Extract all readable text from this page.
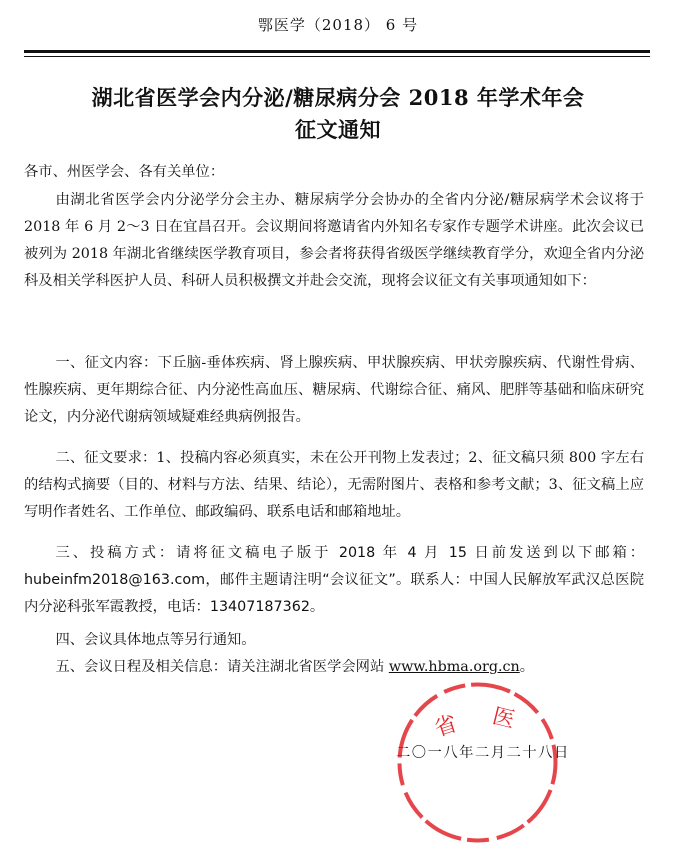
鄂医学（2018） 6 号
湖北省医学会内分泌/糖尿病分会 2018 年学术年会
征文通知
各市、州医学会、各有关单位：
由湖北省医学会内分泌学分会主办、糖尿病学分会协办的全省内分泌/糖尿病学术会议将于 2018 年 6 月 2～3 日在宜昌召开。会议期间将邀请省内外知名专家作专题学术讲座。此次会议已被列为 2018 年湖北省继续医学教育项目，参会者将获得省级医学继续教育学分，欢迎全省内分泌科及相关学科医护人员、科研人员积极撰文并赴会交流，现将会议征文有关事项通知如下：
一、征文内容：下丘脑-垂体疾病、肾上腺疾病、甲状腺疾病、甲状旁腺疾病、代谢性骨病、性腺疾病、更年期综合征、内分泌性高血压、糖尿病、代谢综合征、痛风、肥胖等基础和临床研究论文，内分泌代谢病领域疑难经典病例报告。
二、征文要求：1、投稿内容必须真实，未在公开刊物上发表过；2、征文稿只须 800 字左右的结构式摘要（目的、材料与方法、结果、结论），无需附图片、表格和参考文献；3、征文稿上应写明作者姓名、工作单位、邮政编码、联系电话和邮箱地址。
三、投稿方式：请将征文稿电子版于 2018 年 4 月 15 日前发送到以下邮箱：hubeinfm2018@163.com，邮件主题请注明“会议征文”。联系人：中国人民解放军武汉总医院内分泌科张军霞教授，电话：13407187362。
四、会议具体地点等另行通知。
五、会议日程及相关信息：请关注湖北省医学会网站 www.hbma.org.cn。
省 医
二〇一八年二月二十八日
